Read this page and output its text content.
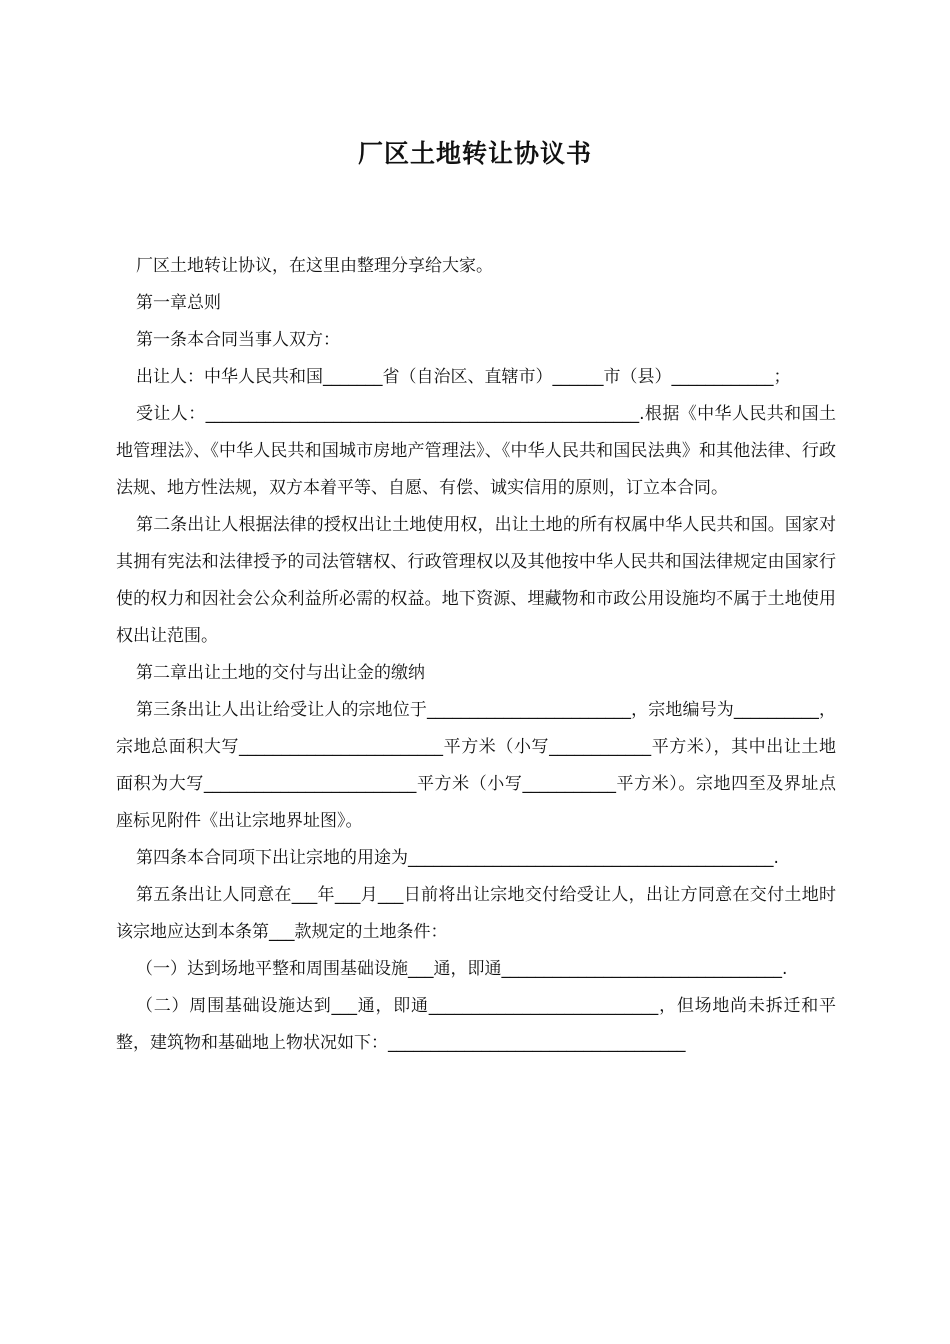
厂区土地转让协议书

厂区土地转让协议，在这里由整理分享给大家。

第一章总则

第一条本合同当事人双方：

出让人：中华人民共和国_______省（自治区、直辖市）______市（县）____________；

受让人：___________________________________________________.根据《中华人民共和国土地管理法》、《中华人民共和国城市房地产管理法》、《中华人民共和国民法典》和其他法律、行政法规、地方性法规，双方本着平等、自愿、有偿、诚实信用的原则，订立本合同。

第二条出让人根据法律的授权出让土地使用权，出让土地的所有权属中华人民共和国。国家对其拥有宪法和法律授予的司法管辖权、行政管理权以及其他按中华人民共和国法律规定由国家行使的权力和因社会公众利益所必需的权益。地下资源、埋藏物和市政公用设施均不属于土地使用权出让范围。

第二章出让土地的交付与出让金的缴纳

第三条出让人出让给受让人的宗地位于________________________，宗地编号为__________，宗地总面积大写________________________平方米（小写____________平方米），其中出让土地面积为大写_________________________平方米（小写___________平方米）。宗地四至及界址点座标见附件《出让宗地界址图》。

第四条本合同项下出让宗地的用途为___________________________________________.

第五条出让人同意在___年___月___日前将出让宗地交付给受让人，出让方同意在交付土地时该宗地应达到本条第___款规定的土地条件：

（一）达到场地平整和周围基础设施___通，即通_________________________________.

（二）周围基础设施达到___通，即通___________________________，但场地尚未拆迁和平整，建筑物和基础地上物状况如下：___________________________________
